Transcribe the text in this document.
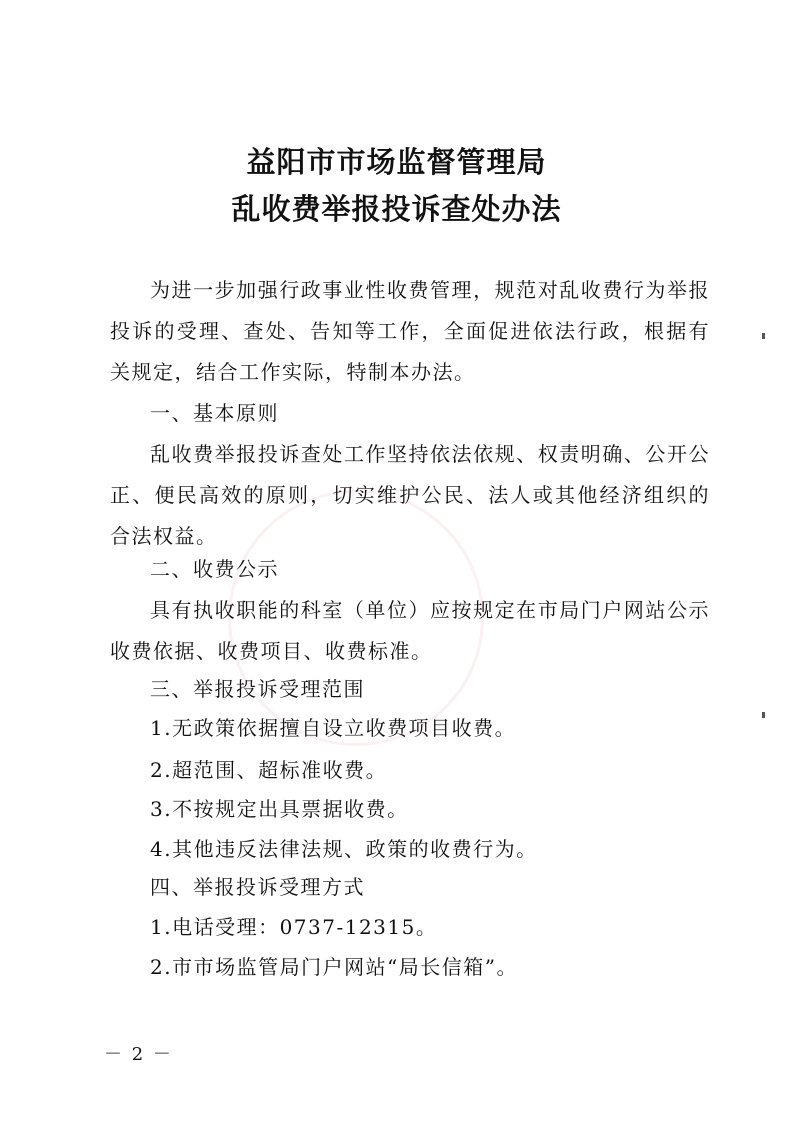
益阳市市场监督管理局
乱收费举报投诉查处办法
为进一步加强行政事业性收费管理，规范对乱收费行为举报投诉的受理、查处、告知等工作，全面促进依法行政，根据有关规定，结合工作实际，特制本办法。
一、基本原则
乱收费举报投诉查处工作坚持依法依规、权责明确、公开公正、便民高效的原则，切实维护公民、法人或其他经济组织的合法权益。
二、收费公示
具有执收职能的科室（单位）应按规定在市局门户网站公示收费依据、收费项目、收费标准。
三、举报投诉受理范围
1.无政策依据擅自设立收费项目收费。
2.超范围、超标准收费。
3.不按规定出具票据收费。
4.其他违反法律法规、政策的收费行为。
四、举报投诉受理方式
1.电话受理：0737-12315。
2.市市场监管局门户网站“局长信箱”。
－ 2 －
